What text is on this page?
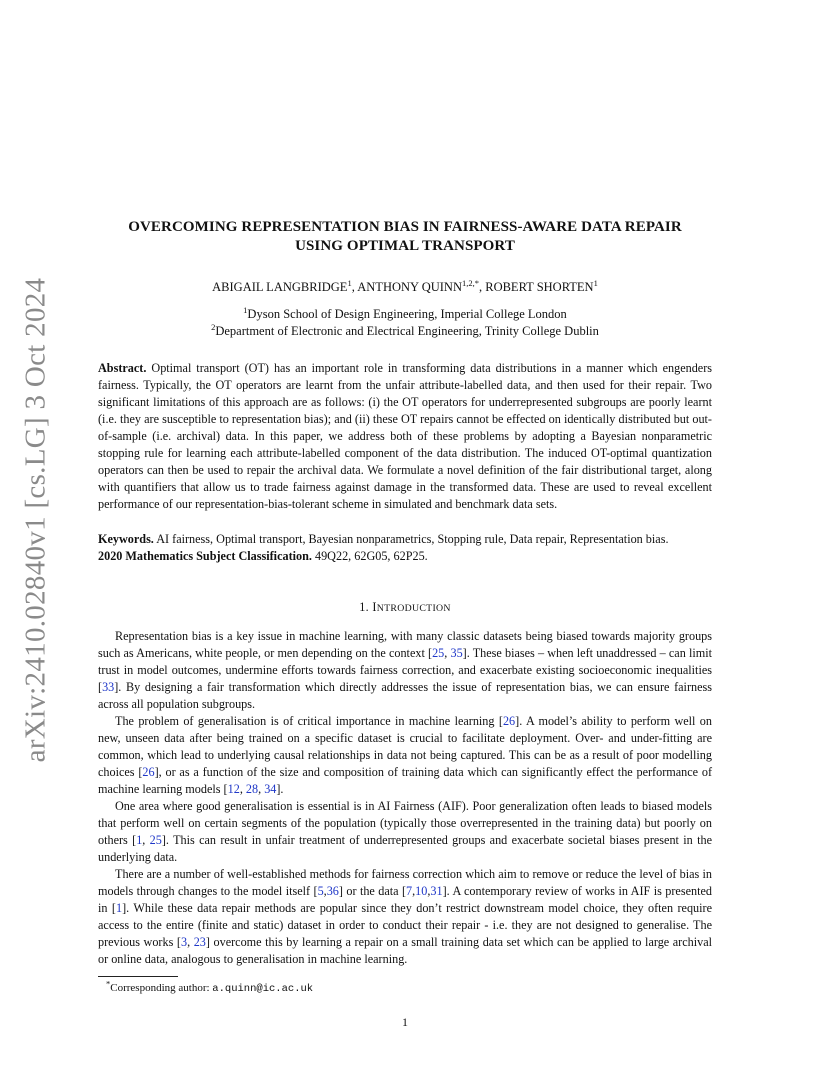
arXiv:2410.02840v1 [cs.LG] 3 Oct 2024
OVERCOMING REPRESENTATION BIAS IN FAIRNESS-AWARE DATA REPAIR
USING OPTIMAL TRANSPORT
ABIGAIL LANGBRIDGE$^1$, ANTHONY $QUINN^{1,2,*}$, ROBERT SHORTEN$^1$
$^1$Dyson School of Design Engineering, Imperial College London
$^2$Department of Electronic and Electrical Engineering, Trinity College Dublin
Abstract. Optimal transport (OT) has an important role in transforming data distributions in a manner which engenders fairness. Typically, the OT operators are learnt from the unfair attribute-labelled data, and then used for their repair. Two significant limitations of this approach are as follows: (i) the OT operators for underrepresented subgroups are poorly learnt (i.e. they are susceptible to representation bias); and (ii) these OT repairs cannot be effected on identically distributed but out-of-sample (i.e. archival) data. In this paper, we address both of these problems by adopting a Bayesian nonparametric stopping rule for learning each attribute-labelled component of the data distribution. The induced OT-optimal quantization operators can then be used to repair the archival data. We formulate a novel definition of the fair distributional target, along with quantifiers that allow us to trade fairness against damage in the transformed data. These are used to reveal excellent performance of our representation-bias-tolerant scheme in simulated and benchmark data sets.

Keywords. AI fairness, Optimal transport, Bayesian nonparametrics, Stopping rule, Data repair, Representation bias.

2020 Mathematics Subject Classification. 49Q22, 62G05, 62P25.

1. INTRODUCTION

Representation bias is a key issue in machine learning, with many classic datasets being biased towards majority groups such as Americans, white people, or men depending on the context [25, 35]. These biases – when left unaddressed – can limit trust in model outcomes, undermine efforts towards fairness correction, and exacerbate existing socioeconomic inequalities [33]. By designing a fair transformation which directly addresses the issue of representation bias, we can ensure fairness across all population subgroups.

The problem of generalisation is of critical importance in machine learning [26]. A model’s ability to perform well on new, unseen data after being trained on a specific dataset is crucial to facilitate deployment. Over- and under-fitting are common, which lead to underlying causal relationships in data not being captured. This can be as a result of poor modelling choices [26], or as a function of the size and composition of training data which can significantly effect the performance of machine learning models [12, 28, 34].

One area where good generalisation is essential is in AI Fairness (AIF). Poor generalization often leads to biased models that perform well on certain segments of the population (typically those overrepresented in the training data) but poorly on others [1, 25]. This can result in unfair treatment of underrepresented groups and exacerbate societal biases present in the underlying data.

There are a number of well-established methods for fairness correction which aim to remove or reduce the level of bias in models through changes to the model itself [5,36] or the data [7,10,31]. A contemporary review of works in AIF is presented in [1]. While these data repair methods are popular since they don’t restrict downstream model choice, they often require access to the entire (finite and static) dataset in order to conduct their repair - i.e. they are not designed to generalise. The previous works [3, 23] overcome this by learning a repair on a small training data set which can be applied to large archival or online data, analogous to generalisation in machine learning.

*Corresponding author: a.quinn@ic.ac.uk
1
